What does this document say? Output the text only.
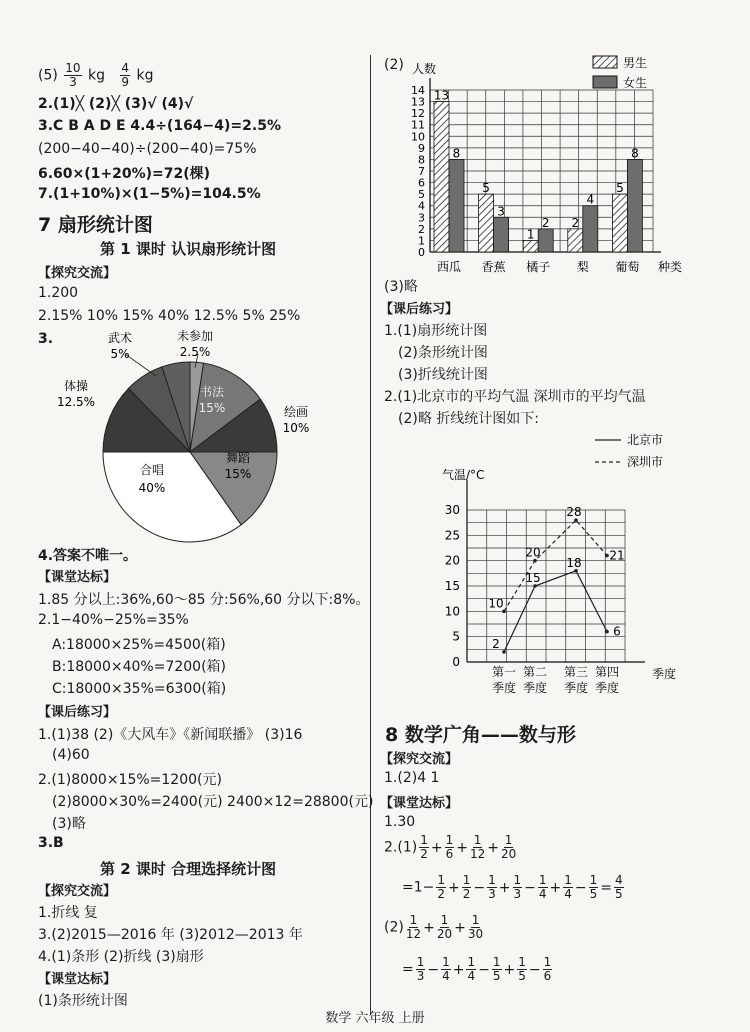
$(5) \frac{10}{3}$ kg $\frac{4}{9}$ kg
2.(1)╳ (2)╳ (3)√ (4)√
3.C B A D E 4.4÷(164−4)=2.5%
(200−40−40)÷(200−40)=75%
6.60×(1+20%)=72(棵)
7.(1+10%)×(1−5%)=104.5%
7 扇形统计图
第 1 课时 认识扇形统计图
【探究交流】
1.200
2.15% 10% 15% 40% 12.5% 5% 25%
3.	武术
5%
未参加
2.5%
体操
12.5%
书法
15%	绘画
10%
舞蹈
15%
合唱
40%
4.答案不唯一。
【课堂达标】
1.85 分以上:36%,60～85 分:56%,60 分以下:8%。
2.1−40%−25%=35%
A:18000×25%=4500(箱)
B:18000×40%=7200(箱)
C:18000×35%=6300(箱)
【课后练习】
1.(1)38 (2)《大风车》《新闻联播》 (3)16
(4)60
2.(1)8000×15%=1200(元)
(2)8000×30%=2400(元) 2400×12=28800(元)
(3)略
3.B
第 2 课时 合理选择统计图
【探究交流】
1.折线 复
3.(2)2015—2016 年 (3)2012—2013 年
4.(1)条形 (2)折线 (3)扇形
【课堂达标】
(1)条形统计图
(2)
0
1
2
3
4
5
6
7
8
9
10
11
12
13
14
人数
种类
13
8
西瓜
5
3
香蕉
1
2
橘子
2
4
梨
5
8
葡萄
男生
女生
(3)略
【课后练习】
1.(1)扇形统计图
(2)条形统计图
(3)折线统计图
2.(1)北京市的平均气温 深圳市的平均气温
(2)略 折线统计图如下:
0
5
10
15
20
25
30
气温/°C
季度
第一
季度
第二
季度
第三
季度
第四
季度
2
15
18
6
10
20
28
21
北京市
深圳市
8 数学广角——数与形
【探究交流】
1.(2)4 1
【课堂达标】
1.30
$2.(1) \frac{1}{2} + \frac{1}{6} + \frac{1}{12} + \frac{1}{20}$
$=1- \frac{1}{2} + \frac{1}{2} - \frac{1}{3} + \frac{1}{3} - \frac{1}{4} + \frac{1}{4} - \frac{1}{5} = \frac{4}{5}$
$(2) \frac{1}{12} + \frac{1}{20} + \frac{1}{30}$
= $\frac{1}{3} - \frac{1}{4} + \frac{1}{4} - \frac{1}{5} + \frac{1}{5} - \frac{1}{6}$
数学 六年级 上册
